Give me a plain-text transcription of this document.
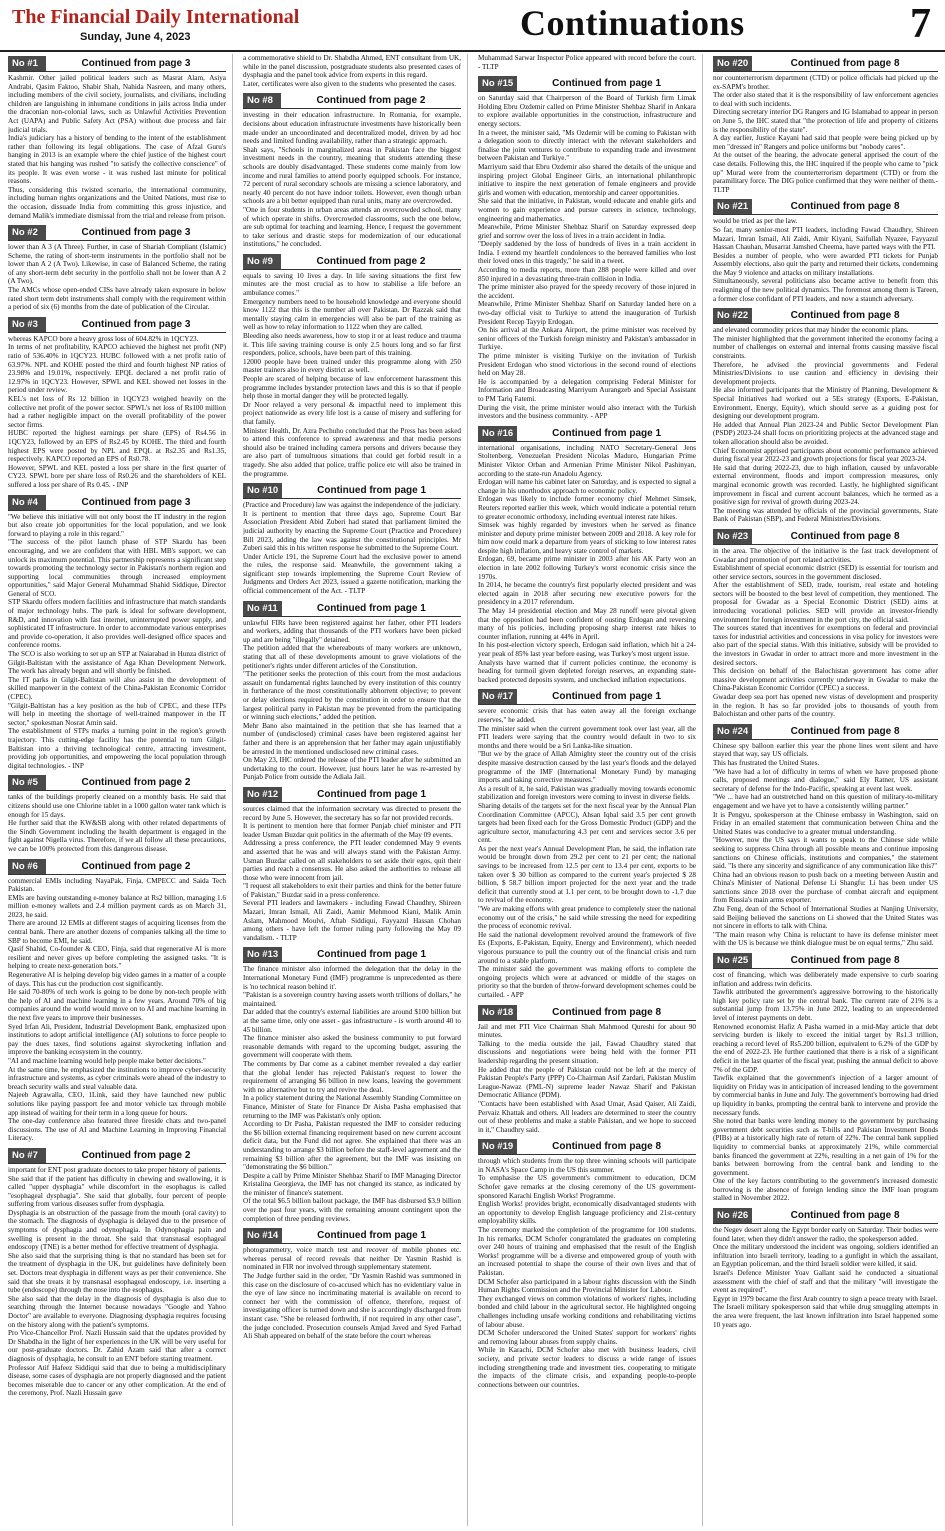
The Financial Daily International
Sunday, June 4, 2023	Continuations	7
No #1	Continued from page 3

Kashmir. Other jailed political leaders such as Masrat Alam, Asiya Andrabi, Qasim Faktoo, Shabir Shah, Nahida Nasreen, and many others, including members of the civil society, journalists, and civilians, including children are languishing in inhumane conditions in jails across India under the draconian non-colonial laws, such as Unlawful Activities Prevention Act (UAPA) and Public Safety Act (PSA) without due process and fair judicial trials.
India's judiciary has a history of bending to the intent of the establishment rather than following its legal obligations. The case of Afzal Guru's hanging in 2013 is an example where the chief justice of the highest court stated that his hanging was rushed "to satisfy the collective conscience" of its people. It was even worse - it was rushed last minute for political reasons.
Thus, considering this twisted scenario, the international community, including human rights organizations and the United Nations, must rise to the occasion, dissuade India from committing this gross injustice, and demand Malik's immediate dismissal from the trial and release from prison.

No #2	Continued from page 3

lower than A 3 (A Three). Further, in case of Shariah Compliant (Islamic) Scheme, the rating of short-term instruments in the portfolio shall not be lower than A 2 (A Two). Likewise, in case of Balanced Scheme, the rating of any short-term debt security in the portfolio shall not be lower than A 2 (A Two).
The AMCs whose open-ended CISs have already taken exposure in below rated short term debt instruments shall comply with the requirement within a period of six (6) months from the date of publication of the Circular.

No #3	Continued from page 3

whereas KAPCO bore a heavy gross loss of 604.82% in 1QCY23.
In terms of net profitability, KAPCO achieved the highest net profit (NP) ratio of 536.40% in 1QCY23. HUBC followed with a net profit ratio of 63.97%. NPL and KOHE posted the third and fourth highest NP ratios of 23.98% and 19.01%, respectively. EPQL declared a net profit ratio of 12.97% in 1QCY23. However, SPWL and KEL showed net losses in the period under review.
KEL's net loss of Rs 12 billion in 1QCY23 weighed heavily on the collective net profit of the power sector. SPWL's net loss of Rs100 million had a rather negligible impact on the overall profitability of the power sector firms.
HUBC reported the highest earnings per share (EPS) of Rs4.56 in 1QCY23, followed by an EPS of Rs2.45 by KOHE. The third and fourth highest EPS were posted by NPL and EPQL at Rs2.35 and Rs1.35, respectively. KAPCO reported an EPS of Rs0.78.
However, SPWL and KEL posted a loss per share in the first quarter of CY23. SPWL bore per share loss of Rs0.26 and the shareholders of KEL suffered a loss per share of Rs 0.45. - INP

No #4	Continued from page 3

"We believe this initiative will not only boost the IT industry in the region but also create job opportunities for the local population, and we look forward to playing a role in this regard."
"The success of the pilot launch phase of STP Skardu has been encouraging, and we are confident that with HBL MB's support, we can unlock its maximum potential. This partnership represents a significant step towards promoting the technology sector in Pakistan's northern region and supporting local communities through increased employment opportunities," said Major General Muhammad Shahid Siddique, Director General of SCO.
STP Skardu offers modern facilities and infrastructure that match standards of major technology hubs. The park is ideal for software development, R&D, and innovation with fast internet, uninterrupted power supply, and sophisticated IT infrastructure. In order to accommodate various enterprises and provide co-operation, it also provides well-designed office spaces and conference rooms.
The SCO is also working to set up an STP at Naiarabad in Hunza district of Gilgit-Baltistan with the assistance of Aga Khan Development Network. The work has already begun and will shortly be finished.
The IT parks in Gilgit-Baltistan will also assist in the development of skilled manpower in the context of the China-Pakistan Economic Corridor (CPEC).
"Gilgit-Baltistan has a key position as the hub of CPEC, and these ITPs will help in meeting the shortage of well-trained manpower in the IT sector," spokesman Nosrat Amin said.
The establishment of STPs marks a turning point in the region's growth trajectory. This cutting-edge facility has the potential to turn Gilgit-Baltistan into a thriving technological centre, attracting investment, providing job opportunities, and empowering the local population through digital technologies. - INP

No #5	Continued from page 2

tanks of the buildings properly cleaned on a monthly basis. He said that citizens should use one Chlorine tablet in a 1000 gallon water tank which is enough for 15 days.
He further said that the KW&SB along with other related departments of the Sindh Government including the health department is engaged in the fight against Nigella virus. Therefore, if we all follow all these precautions, we can be 100% protected from this dangerous disease.

No #6	Continued from page 2

commercial EMIs including NayaPak, Finja, CMPECC and Saida Tech Pakistan.
EMIs are having outstanding e-money balance at Rs2 billion, managing 1.6 million e-money wallets and 2.4 million payment cards as on March 31, 2023, he said.
There are around 12 EMIs at different stages of acquiring licenses from the central bank. There are another dozens of companies talking all the time to SBP to become EMI, he said.
Qasif Shahid, Co-founder & CEO, Finja, said that regenerative AI is more resilient and never gives up before completing the assigned tasks. "It is helping to create next-generation bots."
Regenerative AI is helping develop big video games in a matter of a couple of days. This has cut the production cost significantly.
He said 70-80% of tech work is going to be done by non-tech people with the help of AI and machine learning in a few years. Around 70% of big companies around the world would move on to AI and machine learning in the next five years to improve their businesses.
Syed Irfan Ali, President, Industrial Development Bank, emphasized upon institutions to adopt artificial intelligence (AI) solutions to force people to pay the dues taxes, find solutions against skyrocketing inflation and improve the banking ecosystem in the country.
"AI and machine learning would help people make better decisions."
At the same time, he emphasized the institutions to improve cyber-security infrastructure and systems, as cyber criminals were ahead of the industry to breach security walls and steal valuable data.
Najeeb Agrawalla, CEO, 1Link, said they have launched new public solutions like paying passport fee and motor vehicle tax through mobile app instead of waiting for their term in a long queue for hours.
The one-day conference also featured three fireside chats and two-panel discussions. The use of AI and Machine Learning in Improving Financial Literacy.

No #7	Continued from page 2

important for ENT post graduate doctors to take proper history of patients.
She said that if the patient has difficulty in chewing and swallowing, it is called "upper dysphagia" while discomfort in the esophagus is called "esophageal dysphagia". She said that globally, four percent of people suffering from various diseases suffer from dysphagia.
Dysphagia is an obstruction of the passage from the mouth (oral cavity) to the stomach. The diagnosis of dysphagia is delayed due to the presence of symptoms of dysphagia and odynophagia. In Odynophagia pain and swelling is present in the throat. She said that transnasal esophageal endoscopy (TNE) is a better method for effective treatment of dysphagia.
She also said that the surprising thing is that no standard has been set for the treatment of dysphagia in the UK, but guidelines have definitely been set. Doctors treat dysphagia in different ways as per their convenience. She said that she treats it by transnasal esophageal endoscopy, i.e. inserting a tube (endoscope) through the nose into the esophagus.
She also said that the delay in the diagnosis of dysphagia is also due to searching through the Internet because nowadays "Google and Yahoo Doctor" are available to everyone. Diagnosing dysphagia requires focusing on the history along with the patient's symptoms.
Pro Vice-Chancellor Prof. Nazli Hussain said that the updates provided by Dr Shabdha in the light of her experiences in the UK will be very useful for our post-graduate doctors. Dr. Zahid Azam said that after a correct diagnosis of dysphagia, he consult to an ENT before starting treatment.
Professor Atif Hafeez Siddiqui said that due to being a multidisciplinary disease, some cases of dysphagia are not properly diagnosed and the patient becomes miserable due to cancer or any other complication. At the end of the ceremony, Prof. Nazli Hussain gave

a commemorative shield to Dr. Shabdha Ahmed, ENT consultant from UK, while in the panel discussion, postgraduate students also presented cases of dysphagia and the panel took advice from experts in this regard.
Later, certificates were also given to the students who presented the cases.

No #8	Continued from page 2

investing in their education infrastructure. In Romania, for example, decisions about education infrastructure investments have historically been made under an uncoordinated and decentralized model, driven by ad hoc needs and limited funding availability, rather than a strategic approach.
Shah says, "Schools in marginalized areas in Pakistan face the biggest investment needs in the country, meaning that students attending these schools are doubly disadvantaged. These students come mainly from low income and rural families to attend poorly equipped schools. For instance, 72 percent of rural secondary schools are missing a science laboratory, and nearly 40 percent do not have indoor toilets. However, even though urban schools are a bit better equipped than rural units, many are overcrowded.
"One in four students in urban areas attends an overcrowded school, many of which operate in shifts. Overcrowded classrooms, such the one below, are sub optimal for teaching and learning. Hence, I request the government to take serious and drastic steps for modernization of our educational institutions," he concluded.

No #9	Continued from page 2

equals to saving 10 lives a day. In life saving situations the first few minutes are the most crucial as to how to stabilise a life before an ambulance comes."
Emergency numbers need to be household knowledge and everyone should know 1122 that this is the number all over Pakistan. Dr Razzak said that mentally staying calm in emergencies will also be part of the training as well as how to relay information to 1122 when they are called.
Bleeding also needs awareness, how to stop it or at least reduce and trauma it. This life saving training course is only 2.5 hours long and so far first responders, police, schools, have been part of this training.
12000 people have been trained under this programme along with 250 master trainers also in every district as well.
People are scared of helping because of law enforcement harassment this programme includes bystander protection laws and this is so that if people help those in mortal danger they will be protected legally.
Dr Noor relayed a very personal & impactful need to implement this project nationwide as every life lost is a cause of misery and suffering for that family.
Minister Health, Dr. Azra Pechuho concluded that the Press has been asked to attend this conference to spread awareness and that media persons should also be trained including camera persons and drivers because they are also part of tumultuous situations that could get forbid result in a tragedy. She also added that police, traffic police etc will also be trained in the programme.

No #10	Continued from page 1

(Practice and Procedure) law was against the independence of the judiciary.
It is pertinent to mention that three days ago, Supreme Court Bar Association President Abid Zuberi had stated that parliament limited the judicial authority by enacting the Supreme Court (Practice and Procedure) Bill 2023, adding the law was against the constitutional principles. Mr Zuberi said this in his written response he submitted to the Supreme Court.
Under Article 191, the Supreme Court had the exclusive power to amend the rules, the response said. Meanwhile, the government taking a significant step towards implementing the Supreme Court Review of Judgments and Orders Act 2023, issued a gazette notification, marking the official commencement of the Act. - TLTP

No #11	Continued from page 1

unlawful FIRs have been registered against her father, other PTI leaders and workers, adding that thousands of the PTI workers have been picked up and are being "illegally" detained.
The petition added that the whereabouts of many workers are unknown, stating that all of these developments amount to grave violations of the petitioner's rights under different articles of the Constitution.
"The petitioner seeks the protection of this court from the most audacious assault on fundamental rights launched by every institution of this country in furtherance of the most constitutionally abhorrent objective; to prevent or delay elections required by the constitution in order to ensure that the largest political party in Pakistan may be prevented from the participating or winning such elections," added the petition.
Mehr Bano also maintained in the petition that she has learned that a number of (undisclosed) criminal cases have been registered against her father and there is an apprehension that her father may again unjustifiably be arrested in the mentioned undisclosed new criminal cases.
On May 23, IHC ordered the release of the PTI leader after he submitted an undertaking to the court. However, just hours later he was re-arrested by Punjab Police from outside the Adiala Jail.

No #12	Continued from page 1

sources claimed that the information secretary was directed to present the record by June 5. However, the secretary has so far not provided records.
It is pertinent to mention here that former Punjab chief minister and PTI leader Usman Buzdar quit politics in the aftermath of the May 09 events.
Addressing a press conference, the PTI leader condemned May 9 events and asserted that he was and will always stand with the Pakistan Army. Usman Buzdar called on all stakeholders to set aside their egos, quit their parties and reach a consensus. He also asked the authorities to release all those who were innocent from jail.
"I request all stakeholders to exit their parties and think for the better future of Pakistan," Buzdar said in a press conference.
Several PTI leaders and lawmakers - including Fawad Chaudhry, Shireen Mazari, Imran Ismail, Ali Zaidi, Aamir Mehmood Kiani, Malik Amin Aslam, Mahmood Moulvi, Aftab Siddiqui, Fayyazul Hassan Chohan among others - have left the former ruling party following the May 09 vandalism. - TLTP

No #13	Continued from page 1

The finance minister also informed the delegation that the delay in the International Monetary Fund (IMF) programme is unprecedented as there is 'no technical reason behind it'.
"Pakistan is a sovereign country having assets worth trillions of dollars," he maintained.
Dar added that the country's external liabilities are around $100 billion but at the same time, only one asset - gas infrastructure - is worth around 40 to 45 billion.
The finance minister also asked the business community to put forward reasonable demands with regard to the upcoming budget, assuring the government will cooperate with them.
The comments by Dar come as a cabinet member revealed a day earlier that the global lender has rejected Pakistan's request to lower the requirement of arranging $6 billion in new loans, leaving the government with no alternative but to try and revive the deal.
In a policy statement during the National Assembly Standing Committee on Finance, Minister of State for Finance Dr Aisha Pasha emphasised that returning to the IMF was Pakistan's only option.
According to Dr Pasha, Pakistan requested the IMF to consider reducing the $6 billion external financing requirement based on new current account deficit data, but the Fund did not agree. She explained that there was an understanding to arrange $3 billion before the staff-level agreement and the remaining $3 billion after the agreement, but the IMF was insisting on "demonstrating the $6 billion."
Despite a call by Prime Minister Shehbaz Sharif to IMF Managing Director Kristalina Georgieva, the IMF has not changed its stance, as indicated by the minister of finance's statement.
Of the total $6.5 billion bailout package, the IMF has disbursed $3.9 billion over the past four years, with the remaining amount contingent upon the completion of three pending reviews.

No #14	Continued from page 1

photogrammetry, voice match test and recover of mobile phones etc. whereas perusal of record reveals that neither Dr Yasmin Rashid is nominated in FIR nor involved through supplementary statement.
The Judge further said in the order, "Dr Yasmin Rashid was summoned in this case on the disclosure of co-accused which has no evidentiary value in the eye of law since no incriminating material is available on record to connect her with the commission of offence, therefore, request of investigating officer is turned down and she is accordingly discharged from instant case. "She be released forthwith, if not required in any other case", the judge concluded. Prosecution counsels Amjad Javed and Syed Farhad Ali Shah appeared on behalf of the state before the court whereas

Muhammad Sarwar Inspector Police appeared with record before the court. - TLTP

No #15	Continued from page 1

on Saturday said that Chairperson of the Board of Turkish firm Limak Holding Ebru Ozdemir called on Prime Minister Shehbaz Sharif in Ankara to explore available opportunities in the construction, infrastructure and energy sectors.
In a tweet, the minister said, "Ms Ozdemir will be coming to Pakistan with a delegation soon to directly interact with the relevant stakeholders and finalise the joint ventures to contribute to expanding trade and investment between Pakistan and Turkiye."
Marriyum said that Ebru Ozdemir also shared the details of the unique and inspiring project Global Engineer Girls, an international philanthropic initiative to inspire the next generation of female engineers and provide girls and women with education, mentorship and career opportunities.
She said that the initiative, in Pakistan, would educate and enable girls and women to gain experience and pursue careers in science, technology, engineering and mathematics.
Meanwhile, Prime Minister Shehbaz Sharif on Saturday expressed deep grief and sorrow over the loss of lives in a train accident in India.
"Deeply saddened by the loss of hundreds of lives in a train accident in India. I extend my heartfelt condolences to the bereaved families who lost their loved ones in this tragedy," he said in a tweet.
According to media reports, more than 288 people were killed and over 850 injured in a devastating three-train collision in India.
The prime minister also prayed for the speedy recovery of those injured in the accident.
Meanwhile, Prime Minister Shehbaz Sharif on Saturday landed here on a two-day official visit to Turkiye to attend the inauguration of Turkish President Recep Tayyip Erdogan.
On his arrival at the Ankara Airport, the prime minister was received by senior officers of the Turkish foreign ministry and Pakistan's ambassador in Turkiye.
The prime minister is visiting Turkiye on the invitation of Turkish President Erdogan who stood victorious in the second round of elections held on May 28.
He is accompanied by a delegation comprising Federal Minister for Information and Broadcasting Marriyum Aurangzeb and Special Assistant to PM Tariq Fatemi.
During the visit, the prime minister would also interact with the Turkish investors and the business community. - APP

No #16	Continued from page 1

international organisations, including NATO Secretary-General Jens Stoltenberg, Venezuelan President Nicolas Maduro, Hungarian Prime Minister Viktor Orban and Armenian Prime Minister Nikol Pashinyan, according to the state-run Anadolu Agency.
Erdogan will name his cabinet later on Saturday, and is expected to signal a change in his unorthodox approach to economic policy.
Erdogan was likely to include former economy chief Mehmet Simsek, Reuters reported earlier this week, which would indicate a potential return to greater economic orthodoxy, including eventual interest rate hikes.
Simsek was highly regarded by investors when he served as finance minister and deputy prime minister between 2009 and 2018. A key role for him now could mark a departure from years of sticking to low interest rates despite high inflation, and heavy state control of markets.
Erdogan, 69, became prime minister in 2003 after his AK Party won an election in late 2002 following Turkey's worst economic crisis since the 1970s.
In 2014, he became the country's first popularly elected president and was elected again in 2018 after securing new executive powers for the presidency in a 2017 referendum.
The May 14 presidential election and May 28 runoff were pivotal given that the opposition had been confident of ousting Erdogan and reversing many of his policies, including proposing sharp interest rate hikes to counter inflation, running at 44% in April.
In his post-election victory speech, Erdogan said inflation, which hit a 24-year peak of 85% last year before easing, was Turkey's most urgent issue.
Analysts have warned that if current policies continue, the economy is heading for turmoil given depleted foreign reserves, an expanding state-backed protected deposits system, and unchecked inflation expectations.

No #17	Continued from page 1

severe economic crisis that has eaten away all the foreign exchange reserves," he added.
The minister said when the current government took over last year, all the PTI leaders were saying that the country would default in two to six months and there would be a Sri Lanka-like situation.
"But we by the grace of Allah Almighty steer the country out of the crisis despite massive destruction caused by the last year's floods and the delayed programme of the IMF (International Monetary Fund) by managing imports and taking corrective measures."
As a result of it, he said, Pakistan was gradually moving towards economic stabilization and foreign investors were coming to invest in diverse fields.
Sharing details of the targets set for the next fiscal year by the Annual Plan Coordination Committee (APCC), Ahsan Iqbal said 3.5 per cent growth targets had been fixed each for the Gross Domestic Product (GDP) and the agriculture sector, manufacturing 4.3 per cent and services sector 3.6 per cent.
As per the next year's Annual Development Plan, he said, the inflation rate would be brought down from 29.2 per cent to 21 per cent; the national savings to be increased from 12.5 per cent to 13.4 per cent, exports to be taken over $ 30 billion as compared to the current year's projected $ 28 billion, $ 58.7 billion import projected for the next year and the trade deficit that currently stood at 1.1 per cent, to be brought down to -1.7 due to revival of the economy.
"We are making efforts with great prudence to completely steer the national economy out of the crisis," he said while stressing the need for expediting the process of economic revival.
He said the national development revolved around the framework of five Es (Exports, E-Pakistan, Equity, Energy and Environment), which needed vigorous pursuance to pull the country out of the financial crisis and turn around to a stable platform.
The minister said the government was making efforts to complete the ongoing projects which were at advanced or middle of the stages on priority so that the burden of throw-forward development schemes could be curtailed. - APP

No #18	Continued from page 8

Jail and met PTI Vice Chairman Shah Mahmood Qureshi for about 90 minutes.
Talking to the media outside the jail, Fawad Chaudhry stated that discussions and negotiations were being held with the former PTI leadership regarding the present situation.
He added that the people of Pakistan could not be left at the mercy of Pakistan People's Party (PPP) Co-Chairman Asif Zardari, Pakistan Muslim League-Nawaz (PML-N) supreme leader Nawaz Sharif and Pakistan Democratic Alliance (PDM).
"Contacts have been established with Asad Umar, Asad Qaiser, Ali Zaidi, Pervaiz Khattak and others. All leaders are determined to steer the country out of these problems and make a stable Pakistan, and we hope to succeed in it," Chaudhry said.

No #19	Continued from page 8

through which students from the top three winning schools will participate in NASA's Space Camp in the US this summer.
To emphasise the US government's commitment to education, DCM Schofer gave remarks at the closing ceremony of the US government-sponsored Karachi English Works! Programme.
English Works! provides bright, economically disadvantaged students with an opportunity to develop English language proficiency and 21st-century employability skills.
The ceremony marked the completion of the programme for 100 students. In his remarks, DCM Schofer congratulated the graduates on completing over 240 hours of training and emphasised that the result of the English Works! programme will be a diverse and empowered group of youth with an increased potential to shape the course of their own lives and that of Pakistan.
DCM Schofer also participated in a labour rights discussion with the Sindh Human Rights Commission and the Provincial Minister for Labour.
They exchanged views on common violations of workers' rights, including bonded and child labour in the agricultural sector. He highlighted ongoing challenges including unsafe working conditions and rehabilitating victims of labour abuse.
DCM Schofer underscored the United States' support for workers' rights and removing labour abuses from supply chains.
While in Karachi, DCM Schofer also met with business leaders, civil society, and private sector leaders to discuss a wide range of issues including strengthening trade and investment ties, cooperating to mitigate the impacts of the climate crisis, and expanding people-to-people connections between our countries.

No #20	Continued from page 8

nor counterterrorism department (CTD) or police officials had picked up the ex-SAPM's brother.
The order also stated that it is the responsibility of law enforcement agencies to deal with such incidents.
Directing secretary interior DG Rangers and IG Islamabad to appear in person on June 5, the IHC stated that "the protection of life and property of citizens is the responsibility of the state".
A day earlier, Justice Kayani had said that people were being picked up by men "dressed in" Rangers and police uniforms but "nobody cares".
At the outset of the hearing, the advocate general apprised the court of the case details. Following this, the IHC inquired if the people who came to "pick up" Murad were from the counterterrorism department (CTD) or from the paramilitary force. The DIG police confirmed that they were neither of them.- TLTP

No #21	Continued from page 8

would be tried as per the law.
So far, many senior-most PTI leaders, including Fawad Chaudhry, Shireen Mazari, Imran Ismail, Ali Zaidi, Amir Kiyani, Saifullah Nyazee, Fayyazul Hassan Chauhan, Musarrat Jamshed Cheema, have parted ways with the PTI.
Besides a number of people, who were awarded PTI tickets for Punjab Assembly elections, also quit the party and returned their tickets, condemning the May 9 violence and attacks on military installations.
Simultaneously, several politicians also became active to benefit from this realigning of the new political dynamics. The foremost among them is Tareen, a former close confidant of PTI leaders, and now a staunch adversary.

No #22	Continued from page 8

and elevated commodity prices that may hinder the economic plans.
The minister highlighted that the government inherited the economy facing a number of challenges on external and internal fronts causing massive fiscal constraints.
Therefore, he advised the provincial governments and Federal Ministries/Divisions to use caution and efficiency in devising their development projects.
He also informed participants that the Ministry of Planning, Development & Special Initiatives had worked out a 5Es strategy (Exports, E-Pakistan, Environment, Energy, Equity), which should serve as a guiding post for designing our development program.
He added that Annual Plan 2023-24 and Public Sector Development Plan (PSDP) 2023-24 shall focus on prioritizing projects at the advanced stage and token allocation should also be avoided.
Chief Economist apprised participants about economic performance achieved during fiscal year 2022-23 and growth projections for fiscal year 2023-24.
He said that during 2022-23, due to high inflation, caused by unfavorable external environment, floods and import compression measures, only marginal economic growth was recorded. Lastly, he highlighted significant improvement in fiscal and current account balances, which he termed as a positive sign for revival of growth during 2023-24.
The meeting was attended by officials of the provincial governments, State Bank of Pakistan (SBP), and Federal Ministries/Divisions.

No #23	Continued from page 8

in the area. The objective of the initiative is the fast track development of Gwadar and promotion of port related activities.
Establishment of special economic district (SED) is essential for tourism and other service sectors, sources in the government disclosed.
After the establishment of SED, trade, tourism, real estate and hoteling sectors will be boosted to the best level of competition, they mentioned. The proposal for Gwadar as a Special Economic District (SED) aims at introducing vocational policies. SED will provide an investor-friendly environment for foreign investment in the port city, the official said.
The sources stated that incentives for exemptions on federal and provincial taxes for industrial activities and concessions in visa policy for investors were also part of the special status. With this initiative, subsidy will be provided to the investors in Gwadar in order to attract more and more investment in the desired sectors.
This decision on behalf of the Balochistan government has come after massive development activities currently underway in Gwadar to make the China-Pakistan Economic Corridor (CPEC) a success.
Gwadar deep sea port has opened new vistas of development and prosperity in the region. It has so far provided jobs to thousands of youth from Balochistan and other parts of the country.

No #24	Continued from page 8

Chinese spy balloon earlier this year the phone lines went silent and have stayed that way, say US officials.
This has frustrated the United States.
"We have had a lot of difficulty in terms of when we have proposed phone calls, proposed meetings and dialogue," said Ely Ratner, US assistant secretary of defense for the Indo-Pacific, speaking at event last week.
"We ... have had an outstretched hand on this question of military-to-military engagement and we have yet to have a consistently willing partner."
It is Pengyu, spokesperson at the Chinese embassy in Washington, said on Friday in an emailed statement that communication between China and the United States was conducive to a greater mutual understanding.
"However, now the US says it wants to speak to the Chinese side while seeking to suppress China through all possible means and continue imposing sanctions on Chinese officials, institutions and companies," the statement said. "Is there any sincerity and significance of any communication like this?"
China had an obvious reason to push back on a meeting between Austin and China's Minister of National Defense Li Shangfu: Li has been under US sanctions since 2018 over the purchase of combat aircraft and equipment from Russia's main arms exporter.
Zhu Feng, dean of the School of International Studies at Nanjing University, said Beijing believed the sanctions on Li showed that the United States was not sincere in efforts to talk with China.
"The main reason why China is reluctant to have its defense minister meet with the US is because we think dialogue must be on equal terms," Zhu said.

No #25	Continued from page 8

cost of financing, which was deliberately made expensive to curb soaring inflation and address twin deficits.
Tawfik attributed the government's aggressive borrowing to the historically high key policy rate set by the central bank. The current rate of 21% is a substantial jump from 13.75% in June 2022, leading to an unprecedented level of interest payments on debt.
Renowned economist Hafiz A Pasha warned in a mid-May article that debt servicing burden is likely to exceed the initial target by Rs1.3 trillion, reaching a record level of Rs5.200 billion, equivalent to 6.2% of the GDP by the end of 2022-23. He further cautioned that there is a risk of a significant deficit in the last quarter of the fiscal year, pushing the annual deficit to above 7% of the GDP.
Tawfik explained that the government's injection of a larger amount of liquidity on Friday was in anticipation of increased lending to the government by commercial banks in June and July. The government's borrowing had dried up liquidity in banks, prompting the central bank to intervene and provide the necessary funds.
She noted that banks were lending money to the government by purchasing government debt securities such as T-bills and Pakistan Investment Bonds (PIBs) at a historically high rate of return of 22%. The central bank supplied liquidity to commercial banks at approximately 21%, while commercial banks financed the government at 22%, resulting in a net gain of 1% for the banks between borrowing from the central bank and lending to the government.
One of the key factors contributing to the government's increased domestic borrowing is the absence of foreign lending since the IMF loan program stalled in November 2022.

No #26	Continued from page 8

the Negev desert along the Egypt border early on Saturday. Their bodies were found later, when they didn't answer the radio, the spokesperson added.
Once the military understood the incident was ongoing, soldiers identified an infiltration into Israeli territory, leading to a gunfight in which the assailant, an Egyptian policeman, and the third Israeli soldier were killed, it said.
Israel's Defence Minister Yoav Gallant said he conducted a situational assessment with the chief of staff and that the military "will investigate the event as required".
Egypt in 1979 became the first Arab country to sign a peace treaty with Israel.
The Israeli military spokesperson said that while drug smuggling attempts in the area were frequent, the last known infiltration into Israel happened some 10 years ago.
